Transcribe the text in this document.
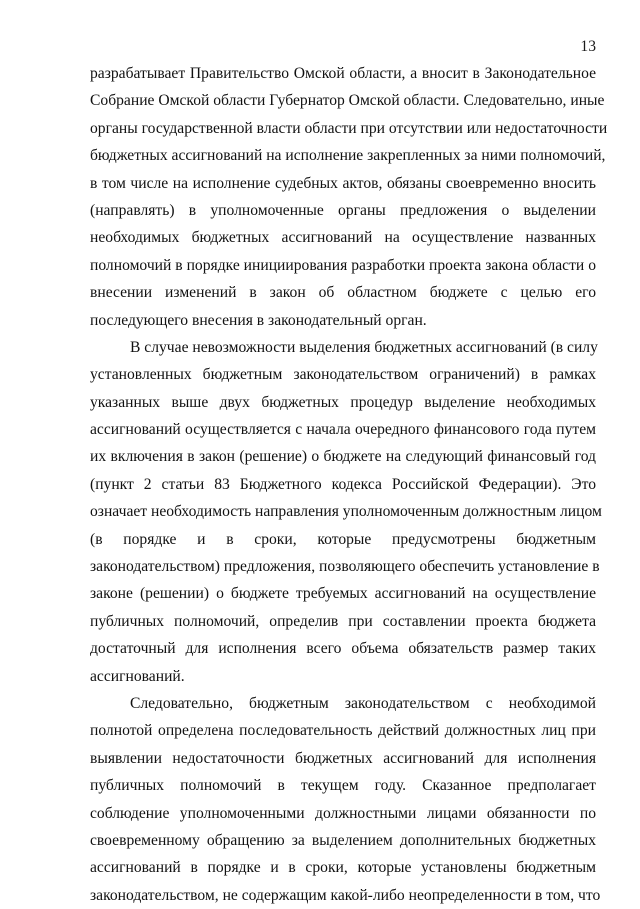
13
разрабатывает Правительство Омской области, а вносит в Законодательное
Собрание Омской области Губернатор Омской области. Следовательно, иные
органы государственной власти области при отсутствии или недостаточности
бюджетных ассигнований на исполнение закрепленных за ними полномочий,
в том числе на исполнение судебных актов, обязаны своевременно вносить
(направлять) в уполномоченные органы предложения о выделении
необходимых бюджетных ассигнований на осуществление названных
полномочий в порядке инициирования разработки проекта закона области о
внесении изменений в закон об областном бюджете с целью его
последующего внесения в законодательный орган.
В случае невозможности выделения бюджетных ассигнований (в силу
установленных бюджетным законодательством ограничений) в рамках
указанных выше двух бюджетных процедур выделение необходимых
ассигнований осуществляется с начала очередного финансового года путем
их включения в закон (решение) о бюджете на следующий финансовый год
(пункт 2 статьи 83 Бюджетного кодекса Российской Федерации). Это
означает необходимость направления уполномоченным должностным лицом
(в порядке и в сроки, которые предусмотрены бюджетным
законодательством) предложения, позволяющего обеспечить установление в
законе (решении) о бюджете требуемых ассигнований на осуществление
публичных полномочий, определив при составлении проекта бюджета
достаточный для исполнения всего объема обязательств размер таких
ассигнований.
Следовательно, бюджетным законодательством с необходимой
полнотой определена последовательность действий должностных лиц при
выявлении недостаточности бюджетных ассигнований для исполнения
публичных полномочий в текущем году. Сказанное предполагает
соблюдение уполномоченными должностными лицами обязанности по
своевременному обращению за выделением дополнительных бюджетных
ассигнований в порядке и в сроки, которые установлены бюджетным
законодательством, не содержащим какой-либо неопределенности в том, что
